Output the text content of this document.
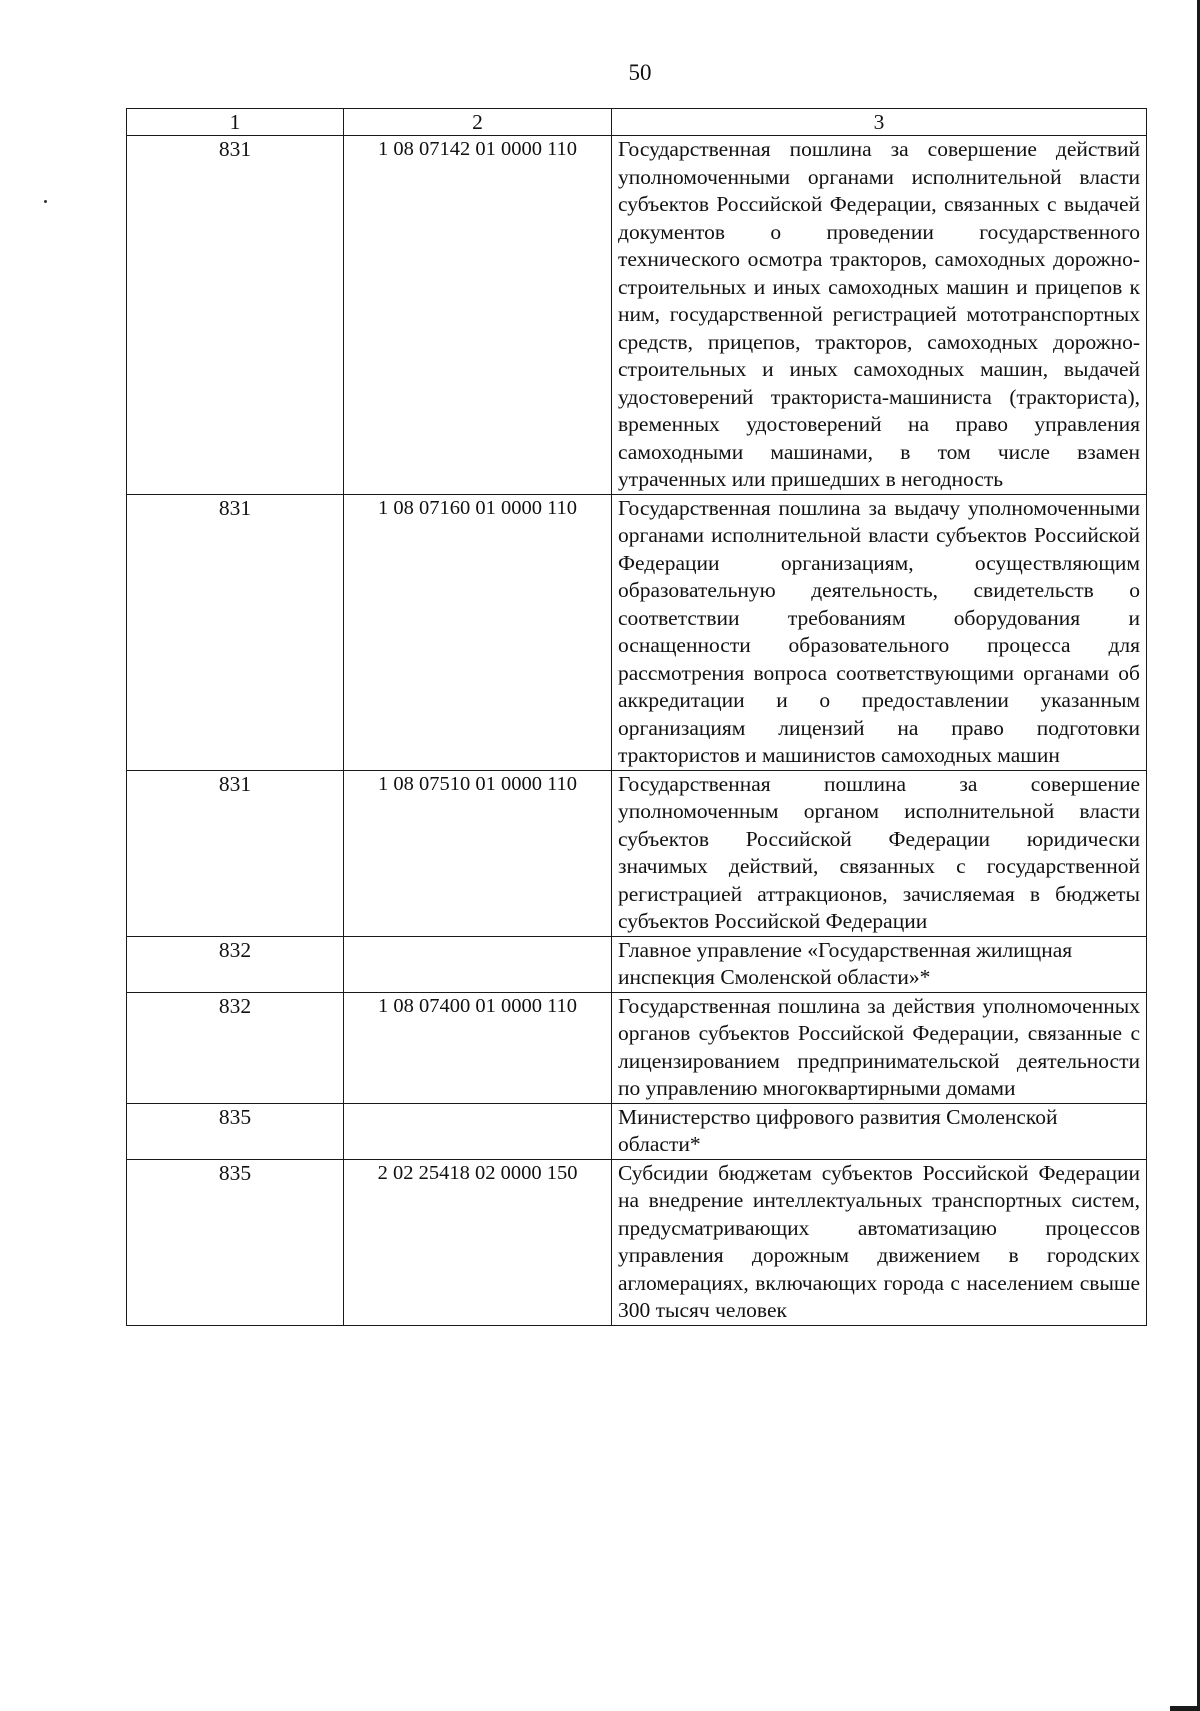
50
1	2	3
831	1 08 07142 01 0000 110	Государственная пошлина за совершение действий уполномоченными органами исполнительной власти субъектов Российской Федерации, связанных с выдачей документов о проведении государственного технического осмотра тракторов, самоходных дорожно-строительных и иных самоходных машин и прицепов к ним, государственной регистрацией мототранспортных средств, прицепов, тракторов, самоходных дорожно-строительных и иных самоходных машин, выдачей удостоверений тракториста-машиниста (тракториста), временных удостоверений на право управления самоходными машинами, в том числе взамен утраченных или пришедших в негодность
831	1 08 07160 01 0000 110	Государственная пошлина за выдачу уполномоченными органами исполнительной власти субъектов Российской Федерации организациям, осуществляющим образовательную деятельность, свидетельств о соответствии требованиям оборудования и оснащенности образовательного процесса для рассмотрения вопроса соответствующими органами об аккредитации и о предоставлении указанным организациям лицензий на право подготовки трактористов и машинистов самоходных машин
831	1 08 07510 01 0000 110	Государственная пошлина за совершение уполномоченным органом исполнительной власти субъектов Российской Федерации юридически значимых действий, связанных с государственной регистрацией аттракционов, зачисляемая в бюджеты субъектов Российской Федерации
832		Главное управление «Государственная жилищная инспекция Смоленской области»*
832	1 08 07400 01 0000 110	Государственная пошлина за действия уполномоченных органов субъектов Российской Федерации, связанные с лицензированием предпринимательской деятельности по управлению многоквартирными домами
835		Министерство цифрового развития Смоленской области*
835	2 02 25418 02 0000 150	Субсидии бюджетам субъектов Российской Федерации на внедрение интеллектуальных транспортных систем, предусматривающих автоматизацию процессов управления дорожным движением в городских агломерациях, включающих города с населением свыше 300 тысяч человек
